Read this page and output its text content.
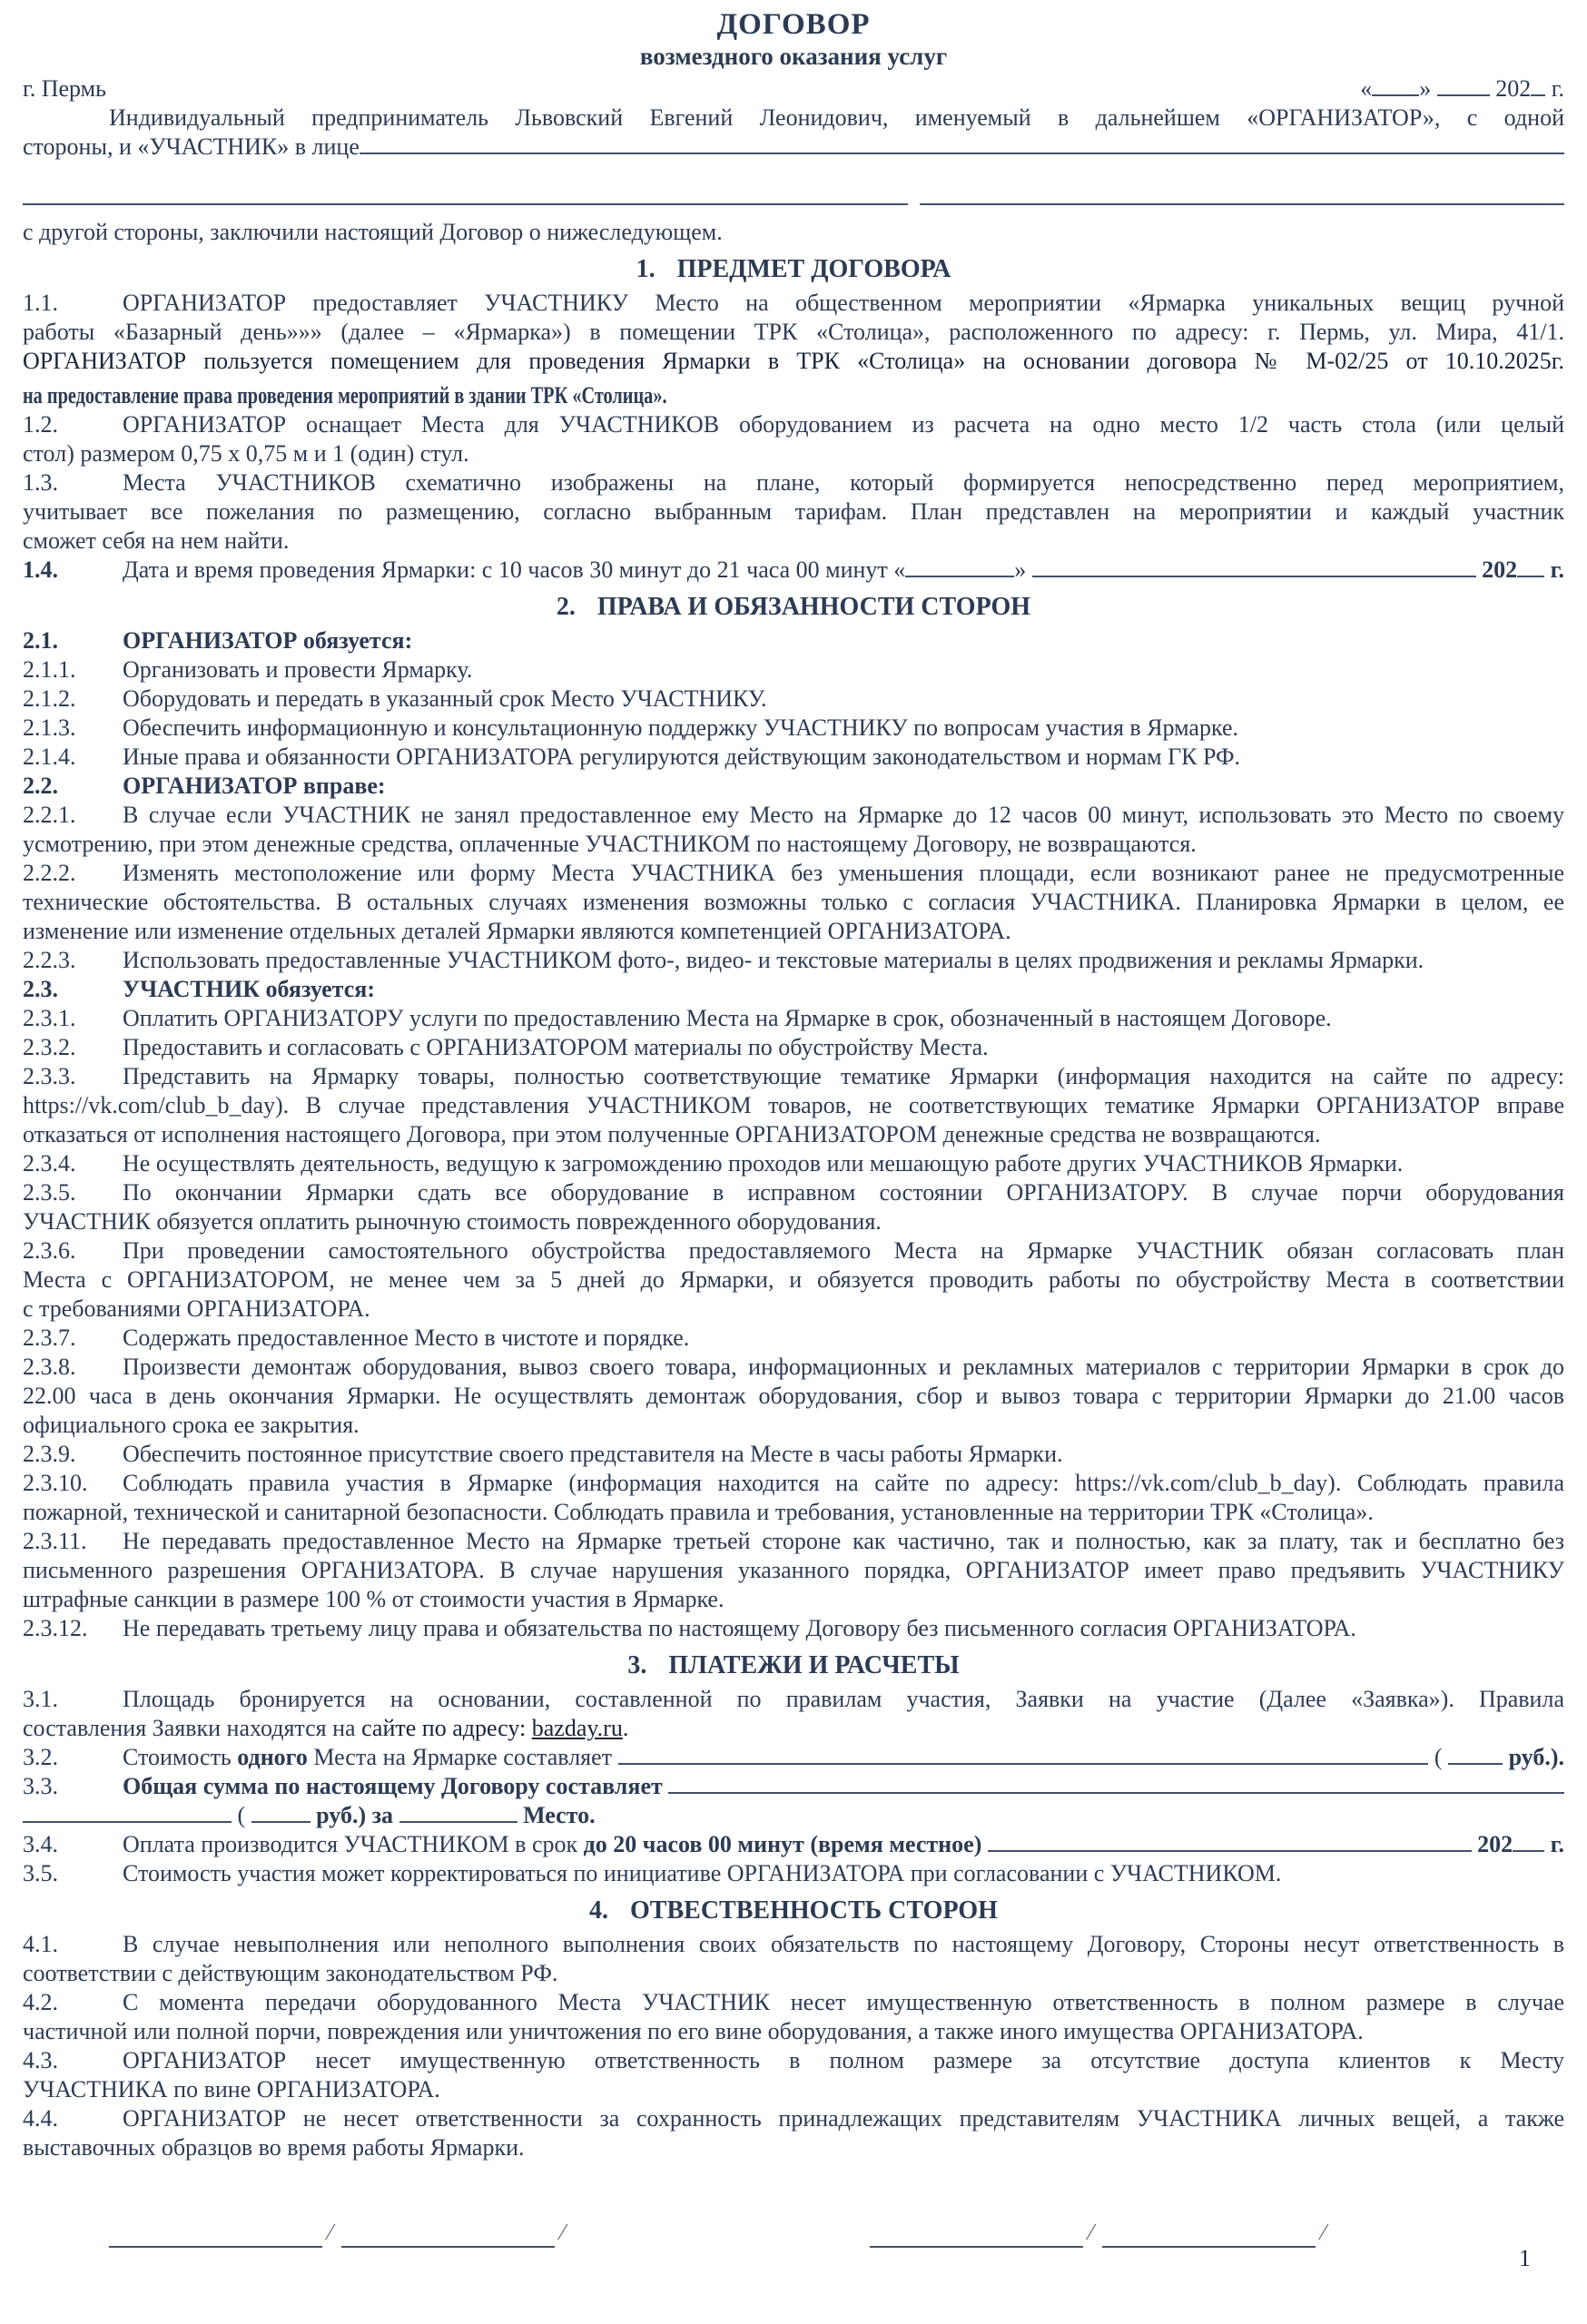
ДОГОВОР
возмездного оказания услуг
г. Пермь	« »  202 г.
Индивидуальный предприниматель Львовский Евгений Леонидович, именуемый в дальнейшем «ОРГАНИЗАТОР», с одной
стороны, и «УЧАСТНИК» в лице

с другой стороны, заключили настоящий Договор о нижеследующем.
1. ПРЕДМЕТ ДОГОВОРА
1.1.	ОРГАНИЗАТОР предоставляет УЧАСТНИКУ Место на общественном мероприятии «Ярмарка уникальных вещиц ручной
работы «Базарный день»»» (далее – «Ярмарка») в помещении ТРК «Столица», расположенного по адресу: г. Пермь, ул. Мира, 41/1.
ОРГАНИЗАТОР пользуется помещением для проведения Ярмарки в ТРК «Столица» на основании договора № М-02/25 от 10.10.2025г.
на предоставление права проведения мероприятий в здании ТРК «Столица».
1.2.	ОРГАНИЗАТОР оснащает Места для УЧАСТНИКОВ оборудованием из расчета на одно место 1/2 часть стола (или целый
стол) размером 0,75 х 0,75 м и 1 (один) стул.
1.3.	Места УЧАСТНИКОВ схематично изображены на плане, который формируется непосредственно перед мероприятием,
учитывает все пожелания по размещению, согласно выбранным тарифам. План представлен на мероприятии и каждый участник
сможет себя на нем найти.
1.4.	Дата и время проведения Ярмарки: с 10 часов 30 минут до 21 часа 00 минут «	»	202 г.
2. ПРАВА И ОБЯЗАННОСТИ СТОРОН
2.1.	ОРГАНИЗАТОР обязуется:
2.1.1. Организовать и провести Ярмарку.
2.1.2. Оборудовать и передать в указанный срок Место УЧАСТНИКУ.
2.1.3. Обеспечить информационную и консультационную поддержку УЧАСТНИКУ по вопросам участия в Ярмарке.
2.1.4. Иные права и обязанности ОРГАНИЗАТОРА регулируются действующим законодательством и нормам ГК РФ.
2.2.	ОРГАНИЗАТОР вправе:
2.2.1. В случае если УЧАСТНИК не занял предоставленное ему Место на Ярмарке до 12 часов 00 минут, использовать это Место по своему
усмотрению, при этом денежные средства, оплаченные УЧАСТНИКОМ по настоящему Договору, не возвращаются.
2.2.2. Изменять местоположение или форму Места УЧАСТНИКА без уменьшения площади, если возникают ранее не предусмотренные
технические обстоятельства. В остальных случаях изменения возможны только с согласия УЧАСТНИКА. Планировка Ярмарки в целом, ее
изменение или изменение отдельных деталей Ярмарки являются компетенцией ОРГАНИЗАТОРА.
2.2.3. Использовать предоставленные УЧАСТНИКОМ фото-, видео- и текстовые материалы в целях продвижения и рекламы Ярмарки.
2.3.	УЧАСТНИК обязуется:
2.3.1. Оплатить ОРГАНИЗАТОРУ услуги по предоставлению Места на Ярмарке в срок, обозначенный в настоящем Договоре.
2.3.2. Предоставить и согласовать с ОРГАНИЗАТОРОМ материалы по обустройству Места.
2.3.3. Представить на Ярмарку товары, полностью соответствующие тематике Ярмарки (информация находится на сайте по адресу:
https://vk.com/club_b_day). В случае представления УЧАСТНИКОМ товаров, не соответствующих тематике Ярмарки ОРГАНИЗАТОР вправе
отказаться от исполнения настоящего Договора, при этом полученные ОРГАНИЗАТОРОМ денежные средства не возвращаются.
2.3.4. Не осуществлять деятельность, ведущую к загромождению проходов или мешающую работе других УЧАСТНИКОВ Ярмарки.
2.3.5. По окончании Ярмарки сдать все оборудование в исправном состоянии ОРГАНИЗАТОРУ. В случае порчи оборудования
УЧАСТНИК обязуется оплатить рыночную стоимость поврежденного оборудования.
2.3.6. При проведении самостоятельного обустройства предоставляемого Места на Ярмарке УЧАСТНИК обязан согласовать план
Места с ОРГАНИЗАТОРОМ, не менее чем за 5 дней до Ярмарки, и обязуется проводить работы по обустройству Места в соответствии
с требованиями ОРГАНИЗАТОРА.
2.3.7. Содержать предоставленное Место в чистоте и порядке.
2.3.8. Произвести демонтаж оборудования, вывоз своего товара, информационных и рекламных материалов с территории Ярмарки в срок до
22.00 часа в день окончания Ярмарки. Не осуществлять демонтаж оборудования, сбор и вывоз товара с территории Ярмарки до 21.00 часов
официального срока ее закрытия.
2.3.9. Обеспечить постоянное присутствие своего представителя на Месте в часы работы Ярмарки.
2.3.10. Соблюдать правила участия в Ярмарке (информация находится на сайте по адресу: https://vk.com/club_b_day). Соблюдать правила
пожарной, технической и санитарной безопасности. Соблюдать правила и требования, установленные на территории ТРК «Столица».
2.3.11. Не передавать предоставленное Место на Ярмарке третьей стороне как частично, так и полностью, как за плату, так и бесплатно без
письменного разрешения ОРГАНИЗАТОРА. В случае нарушения указанного порядка, ОРГАНИЗАТОР имеет право предъявить УЧАСТНИКУ
штрафные санкции в размере 100 % от стоимости участия в Ярмарке.
2.3.12. Не передавать третьему лицу права и обязательства по настоящему Договору без письменного согласия ОРГАНИЗАТОРА.
3. ПЛАТЕЖИ И РАСЧЕТЫ
3.1.	Площадь бронируется на основании, составленной по правилам участия, Заявки на участие (Далее «Заявка»). Правила
составления Заявки находятся на сайте по адресу: bazday.ru.
3.2.	Стоимость одного Места на Ярмарке составляет	(
	руб.).
3.3.	Общая сумма по настоящему Договору составляет
(	руб.) за	Место.
3.4.	Оплата производится УЧАСТНИКОМ в срок до 20 часов 00 минут (время местное)	202 г.
3.5.	Стоимость участия может корректироваться по инициативе ОРГАНИЗАТОРА при согласовании с УЧАСТНИКОМ.
4. ОТВЕСТВЕННОСТЬ СТОРОН
4.1.	В случае невыполнения или неполного выполнения своих обязательств по настоящему Договору, Стороны несут ответственность в
соответствии с действующим законодательством РФ.
4.2.	С момента передачи оборудованного Места УЧАСТНИК несет имущественную ответственность в полном размере в случае
частичной или полной порчи, повреждения или уничтожения по его вине оборудования, а также иного имущества ОРГАНИЗАТОРА.
4.3.	ОРГАНИЗАТОР несет имущественную ответственность в полном размере за отсутствие доступа клиентов к Месту
УЧАСТНИКА по вине ОРГАНИЗАТОРА.
4.4.	ОРГАНИЗАТОР не несет ответственности за сохранность принадлежащих представителям УЧАСТНИКА личных вещей, а также
выставочных образцов во время работы Ярмарки.
/	/	/	/
1
